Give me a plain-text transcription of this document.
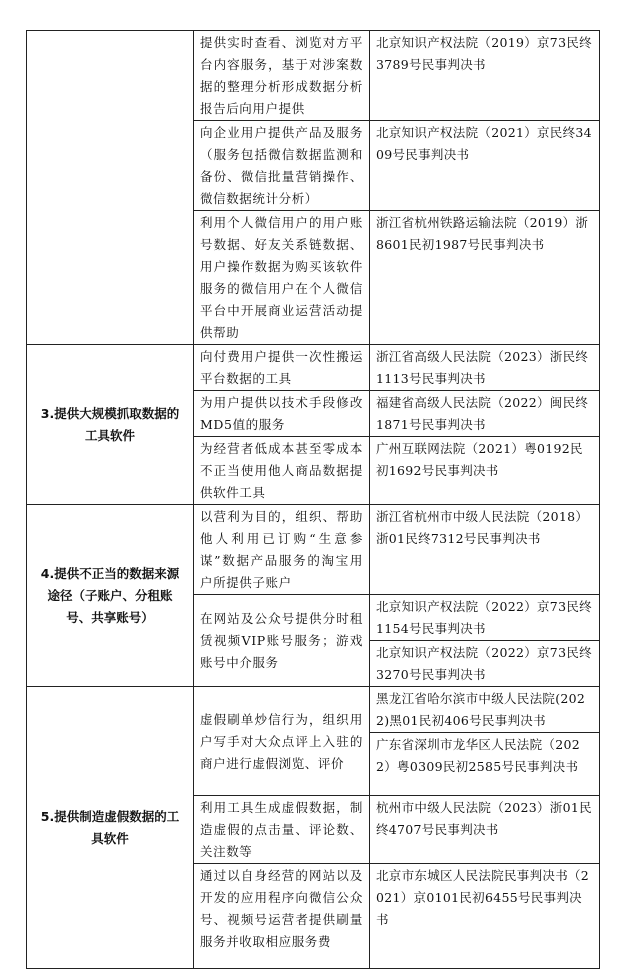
	提供实时查看、浏览对方平台内容服务，基于对涉案数据的整理分析形成数据分析报告后向用户提供	北京知识产权法院（2019）京73民终3789号民事判决书
	向企业用户提供产品及服务（服务包括微信数据监测和备份、微信批量营销操作、微信数据统计分析）	北京知识产权法院（2021）京民终3409号民事判决书
	利用个人微信用户的用户账号数据、好友关系链数据、用户操作数据为购买该软件服务的微信用户在个人微信平台中开展商业运营活动提供帮助	浙江省杭州铁路运输法院（2019）浙8601民初1987号民事判决书
3.提供大规模抓取数据的工具软件	向付费用户提供一次性搬运平台数据的工具	浙江省高级人民法院（2023）浙民终1113号民事判决书
	为用户提供以技术手段修改MD5值的服务	福建省高级人民法院（2022）闽民终1871号民事判决书
	为经营者低成本甚至零成本不正当使用他人商品数据提供软件工具	广州互联网法院（2021）粤0192民初1692号民事判决书
4.提供不正当的数据来源途径（子账户、分租账号、共享账号）	以营利为目的，组织、帮助他人利用已订购“生意参谋”数据产品服务的淘宝用户所提供子账户	浙江省杭州市中级人民法院（2018）浙01民终7312号民事判决书
	在网站及公众号提供分时租赁视频VIP账号服务；游戏账号中介服务	北京知识产权法院（2022）京73民终1154号民事判决书
		北京知识产权法院（2022）京73民终3270号民事判决书
5.提供制造虚假数据的工具软件	虚假刷单炒信行为，组织用户写手对大众点评上入驻的商户进行虚假浏览、评价	黑龙江省哈尔滨市中级人民法院(2022)黑01民初406号民事判决书
		广东省深圳市龙华区人民法院（2022）粤0309民初2585号民事判决书
	利用工具生成虚假数据，制造虚假的点击量、评论数、关注数等	杭州市中级人民法院（2023）浙01民终4707号民事判决书
	通过以自身经营的网站以及开发的应用程序向微信公众号、视频号运营者提供刷量服务并收取相应服务费	北京市东城区人民法院民事判决书（2021）京0101民初6455号民事判决书
